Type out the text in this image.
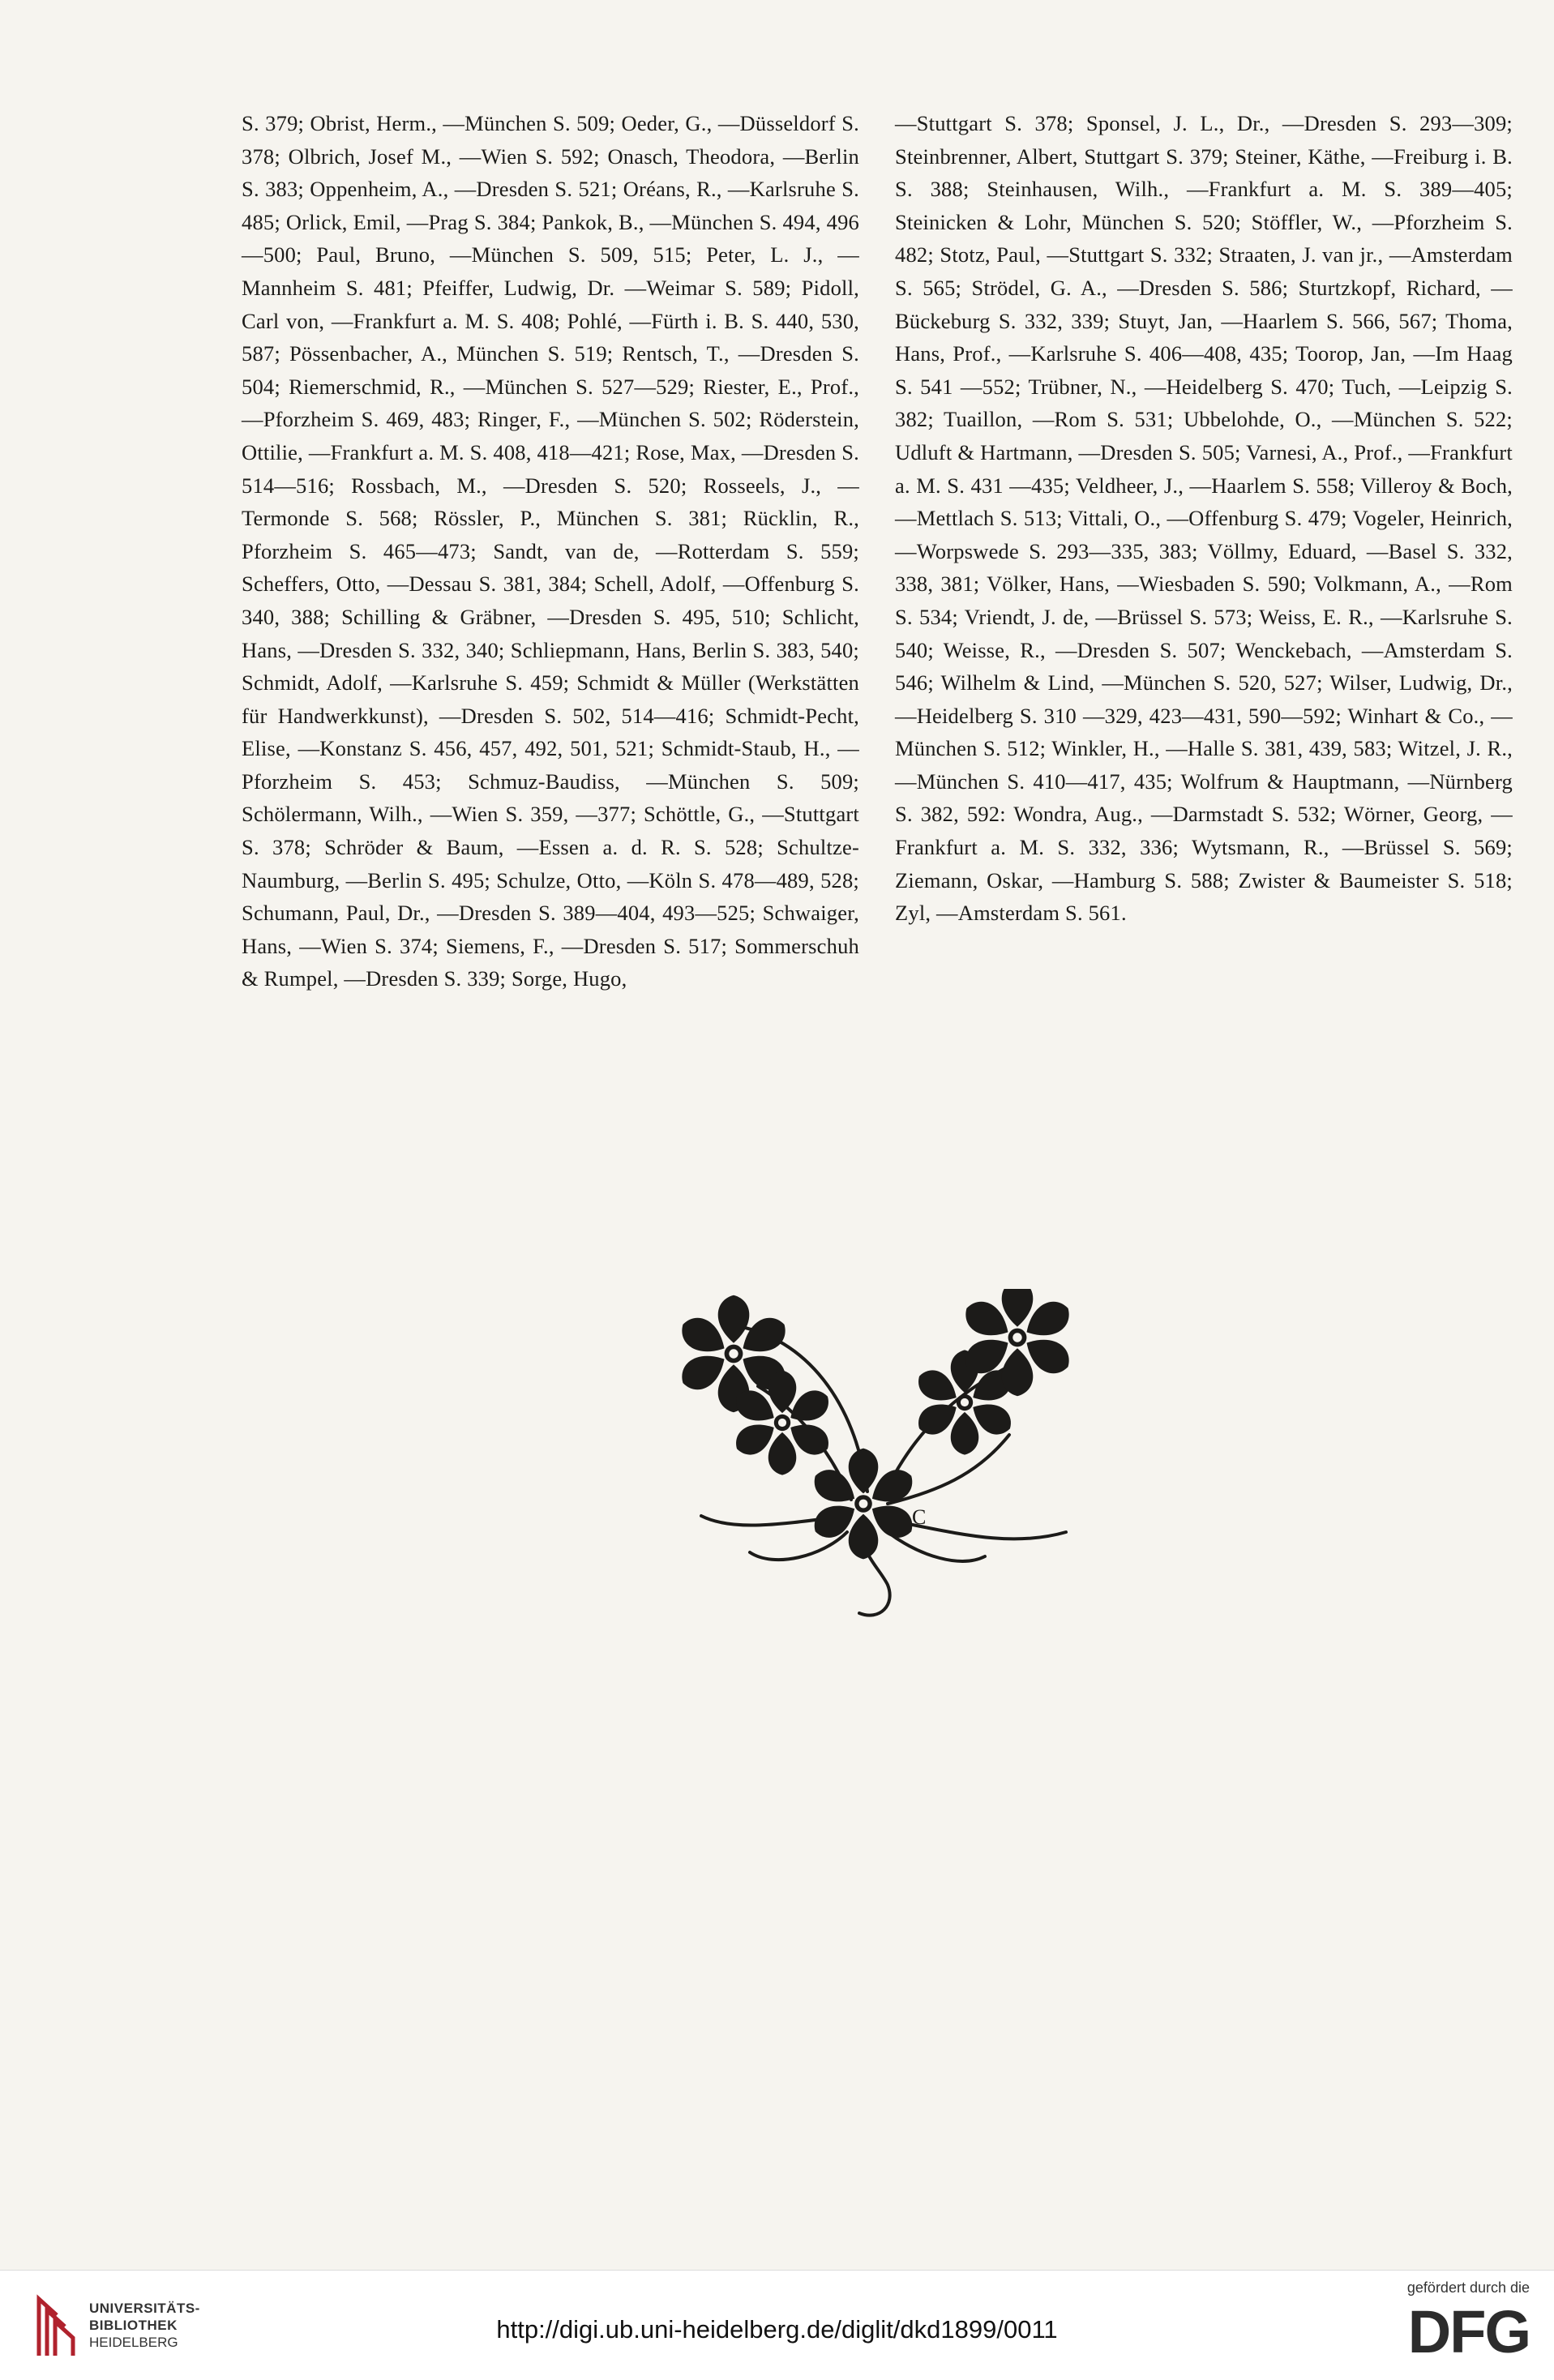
S. 379; Obrist, Herm., —München S. 509; Oeder, G., —Düsseldorf S. 378; Olbrich, Josef M., —Wien S. 592; Onasch, Theodora, —Berlin S. 383; Oppenheim, A., —Dresden S. 521; Oréans, R., —Karlsruhe S. 485; Orlick, Emil, —Prag S. 384; Pankok, B., —München S. 494, 496—500; Paul, Bruno, —München S. 509, 515; Peter, L. J., —Mannheim S. 481; Pfeiffer, Ludwig, Dr. —Weimar S. 589; Pidoll, Carl von, —Frankfurt a. M. S. 408; Pohlé, —Fürth i. B. S. 440, 530, 587; Pössenbacher, A., München S. 519; Rentsch, T., —Dresden S. 504; Riemerschmid, R., —München S. 527—529; Riester, E., Prof., —Pforzheim S. 469, 483; Ringer, F., —München S. 502; Röderstein, Ottilie, —Frankfurt a. M. S. 408, 418—421; Rose, Max, —Dresden S. 514—516; Rossbach, M., —Dresden S. 520; Rosseels, J., —Termonde S. 568; Rössler, P., München S. 381; Rücklin, R., Pforzheim S. 465—473; Sandt, van de, —Rotterdam S. 559; Scheffers, Otto, —Dessau S. 381, 384; Schell, Adolf, —Offenburg S. 340, 388; Schilling & Gräbner, —Dresden S. 495, 510; Schlicht, Hans, —Dresden S. 332, 340; Schliepmann, Hans, Berlin S. 383, 540; Schmidt, Adolf, —Karlsruhe S. 459; Schmidt & Müller (Werkstätten für Handwerkkunst), —Dresden S. 502, 514—416; Schmidt-Pecht, Elise, —Konstanz S. 456, 457, 492, 501, 521; Schmidt-Staub, H., —Pforzheim S. 453; Schmuz-Baudiss, —München S. 509; Schölermann, Wilh., —Wien S. 359, —377; Schöttle, G., —Stuttgart S. 378; Schröder & Baum, —Essen a. d. R. S. 528; Schultze-Naumburg, —Berlin S. 495; Schulze, Otto, —Köln S. 478—489, 528; Schumann, Paul, Dr., —Dresden S. 389—404, 493—525; Schwaiger, Hans, —Wien S. 374; Siemens, F., —Dresden S. 517; Sommerschuh & Rumpel, —Dresden S. 339; Sorge, Hugo,
—Stuttgart S. 378; Sponsel, J. L., Dr., —Dresden S. 293—309; Steinbrenner, Albert, Stuttgart S. 379; Steiner, Käthe, —Freiburg i. B. S. 388; Steinhausen, Wilh., —Frankfurt a. M. S. 389—405; Steinicken & Lohr, München S. 520; Stöffler, W., —Pforzheim S. 482; Stotz, Paul, —Stuttgart S. 332; Straaten, J. van jr., —Amsterdam S. 565; Strödel, G. A., —Dresden S. 586; Sturtzkopf, Richard, —Bückeburg S. 332, 339; Stuyt, Jan, —Haarlem S. 566, 567; Thoma, Hans, Prof., —Karlsruhe S. 406—408, 435; Toorop, Jan, —Im Haag S. 541 —552; Trübner, N., —Heidelberg S. 470; Tuch, —Leipzig S. 382; Tuaillon, —Rom S. 531; Ubbelohde, O., —München S. 522; Udluft & Hartmann, —Dresden S. 505; Varnesi, A., Prof., —Frankfurt a. M. S. 431 —435; Veldheer, J., —Haarlem S. 558; Villeroy & Boch, —Mettlach S. 513; Vittali, O., —Offenburg S. 479; Vogeler, Heinrich, —Worpswede S. 293—335, 383; Völlmy, Eduard, —Basel S. 332, 338, 381; Völker, Hans, —Wiesbaden S. 590; Volkmann, A., —Rom S. 534; Vriendt, J. de, —Brüssel S. 573; Weiss, E. R., —Karlsruhe S. 540; Weisse, R., —Dresden S. 507; Wenckebach, —Amsterdam S. 546; Wilhelm & Lind, —München S. 520, 527; Wilser, Ludwig, Dr., —Heidelberg S. 310 —329, 423—431, 590—592; Winhart & Co., —München S. 512; Winkler, H., —Halle S. 381, 439, 583; Witzel, J. R., —München S. 410—417, 435; Wolfrum & Hauptmann, —Nürnberg S. 382, 592: Wondra, Aug., —Darmstadt S. 532; Wörner, Georg, —Frankfurt a. M. S. 332, 336; Wytsmann, R., —Brüssel S. 569; Ziemann, Oskar, —Hamburg S. 588; Zwister & Baumeister S. 518; Zyl, —Amsterdam S. 561.
C
UNIVERSITÄTS-
BIBLIOTHEK
HEIDELBERG	http://digi.ub.uni-heidelberg.de/diglit/dkd1899/0011
gefördert durch die
DFG
